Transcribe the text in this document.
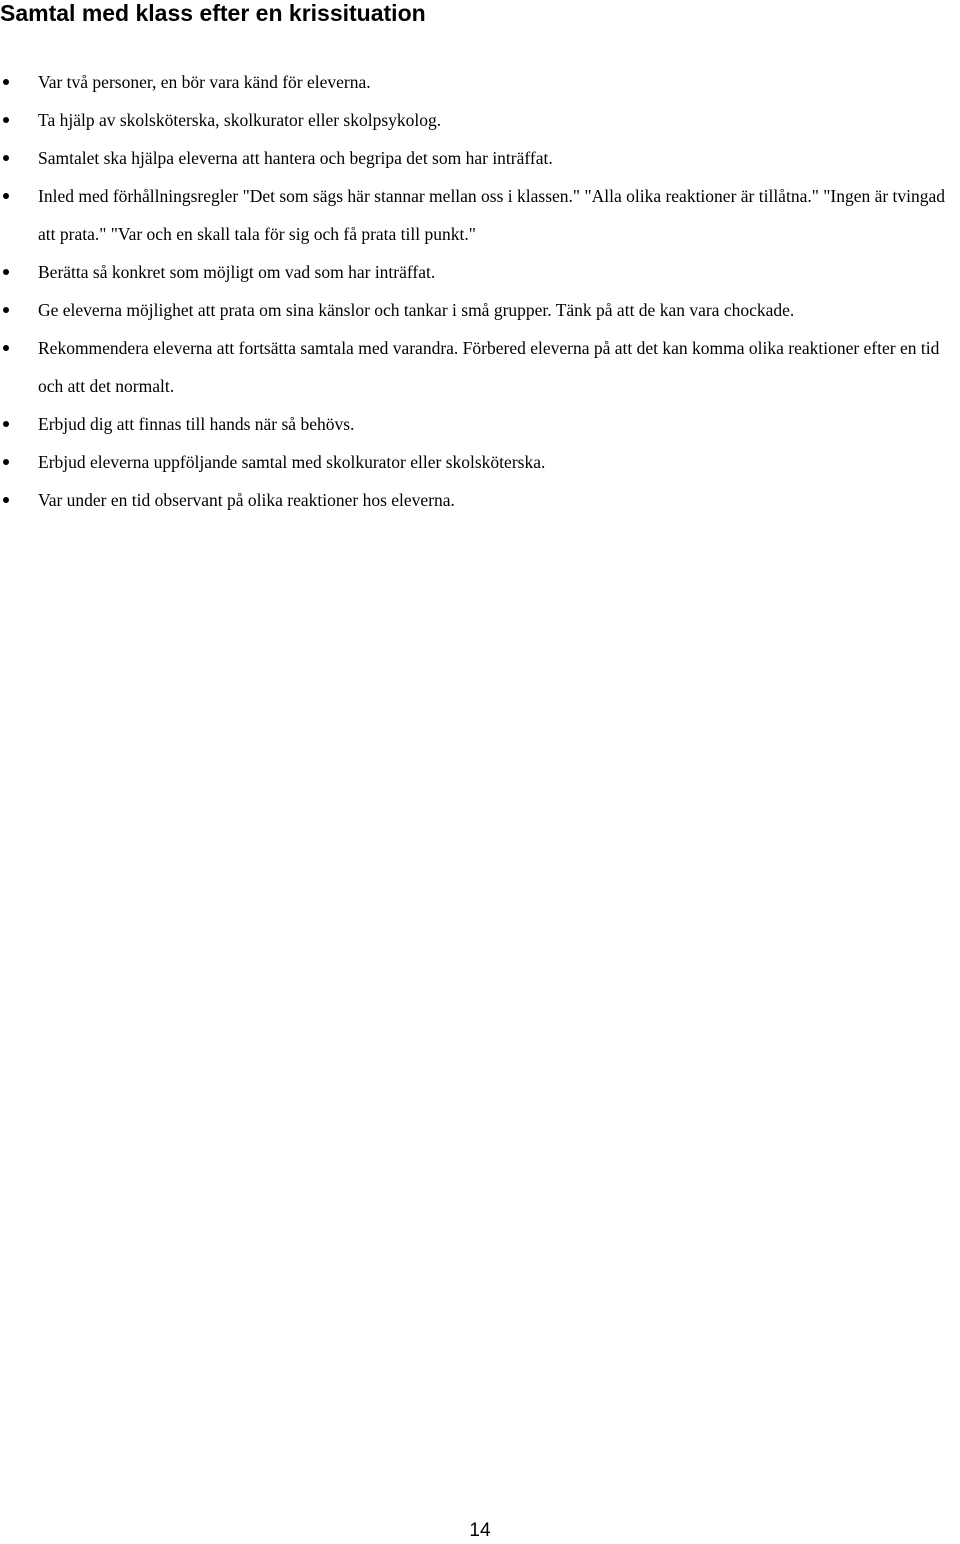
Samtal med klass efter en krissituation
Var två personer, en bör vara känd för eleverna.
Ta hjälp av skolsköterska, skolkurator eller skolpsykolog.
Samtalet ska hjälpa eleverna att hantera och begripa det som har inträffat.
Inled med förhållningsregler "Det som sägs här stannar mellan oss i klassen." "Alla olika reaktioner är tillåtna." "Ingen är tvingad att prata." "Var och en skall tala för sig och få prata till punkt."
Berätta så konkret som möjligt om vad som har inträffat.
Ge eleverna möjlighet att prata om sina känslor och tankar i små grupper. Tänk på att de kan vara chockade.
Rekommendera eleverna att fortsätta samtala med varandra. Förbered eleverna på att det kan komma olika reaktioner efter en tid och att det normalt.
Erbjud dig att finnas till hands när så behövs.
Erbjud eleverna uppföljande samtal med skolkurator eller skolsköterska.
Var under en tid observant på olika reaktioner hos eleverna.
14
